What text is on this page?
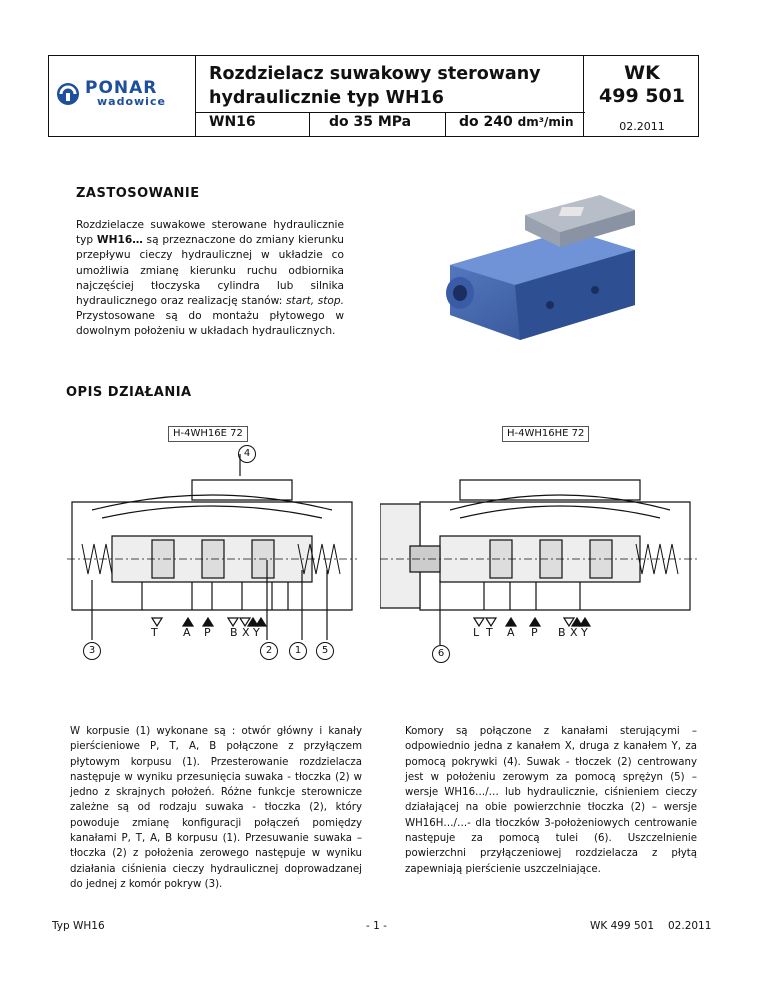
PONAR
wadowice
Rozdzielacz suwakowy sterowany
hydraulicznie typ WH16
WK
499 501
WN16	do 35 MPa	do 240 dm³/min	02.2011
ZASTOSOWANIE

Rozdzielacze suwakowe sterowane hydraulicznie typ WH16… są przeznaczone do zmiany kierunku przepływu cieczy hydraulicznej w układzie co umożliwia zmianę kierunku ruchu odbiornika najczęściej tłoczyska cylindra lub silnika hydraulicznego oraz realizację stanów: start, stop. Przystosowane są do montażu płytowego w dowolnym położeniu w układach hydraulicznych.

OPIS DZIAŁANIA
H-4WH16E 72	H-4WH16HE 72
4
3	2	1	5
T A P B X Y
6
L T A P B X Y
W korpusie (1) wykonane są : otwór główny i kanały pierścieniowe P, T, A, B połączone z przyłączem płytowym korpusu (1). Przesterowanie rozdzielacza następuje w wyniku przesunięcia suwaka - tłoczka (2) w jedno z skrajnych położeń. Różne funkcje sterownicze zależne są od rodzaju suwaka - tłoczka (2), który powoduje zmianę konfiguracji połączeń pomiędzy kanałami P, T, A, B korpusu (1). Przesuwanie suwaka – tłoczka (2) z położenia zerowego następuje w wyniku działania ciśnienia cieczy hydraulicznej doprowadzanej do jednej z komór pokryw (3).
Komory są połączone z kanałami sterującymi – odpowiednio jedna z kanałem X, druga z kanałem Y, za pomocą pokrywki (4). Suwak - tłoczek (2) centrowany jest w położeniu zerowym za pomocą sprężyn (5) – wersje WH16…/… lub hydraulicznie, ciśnieniem cieczy działającej na obie powierzchnie tłoczka (2) – wersje WH16H…/…- dla tłoczków 3-położeniowych centrowanie następuje za pomocą tulei (6). Uszczelnienie powierzchni przyłączeniowej rozdzielacza z płytą zapewniają pierścienie uszczelniające.
Typ WH16	- 1 -	WK 499 501 02.2011
